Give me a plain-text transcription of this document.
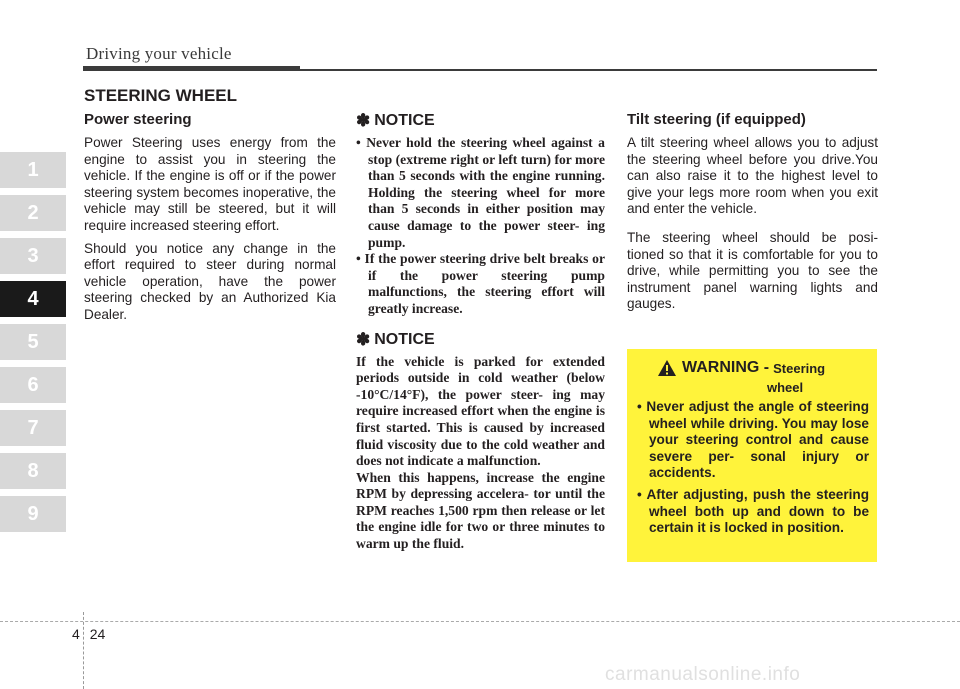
Driving your vehicle
STEERING WHEEL
1
2
3
4
5
6
7
8
9

Power steering

Power Steering uses energy from the engine to assist you in steering the vehicle. If the engine is off or if the power steering system becomes inoperative, the vehicle may still be steered, but it will require increased steering effort.

Should you notice any change in the effort required to steer during normal vehicle operation, have the power steering checked by an Authorized Kia Dealer.

✽ NOTICE
• Never hold the steering wheel against a stop (extreme right or left turn) for more than 5 seconds with the engine running. Holding the steering wheel for more than 5 seconds in either position may cause damage to the power steer- ing pump.
• If the power steering drive belt breaks or if the power steering pump malfunctions, the steering effort will greatly increase.
✽ NOTICE

If the vehicle is parked for extended periods outside in cold weather (below -10°C/14°F), the power steer- ing may require increased effort when the engine is first started. This is caused by increased fluid viscosity due to the cold weather and does not indicate a malfunction.

When this happens, increase the engine RPM by depressing accelera- tor until the RPM reaches 1,500 rpm then release or let the engine idle for two or three minutes to warm up the fluid.

Tilt steering (if equipped)

A tilt steering wheel allows you to adjust the steering wheel before you drive.You can also raise it to the highest level to give your legs more room when you exit and enter the vehicle.

The steering wheel should be posi- tioned so that it is comfortable for you to drive, while permitting you to see the instrument panel warning lights and gauges.

WARNING - Steering
wheel
• Never adjust the angle of steering wheel while driving. You may lose your steering control and cause severe per- sonal injury or accidents.
• After adjusting, push the steering wheel both up and down to be certain it is locked in position.
4 24
carmanualsonline.info
